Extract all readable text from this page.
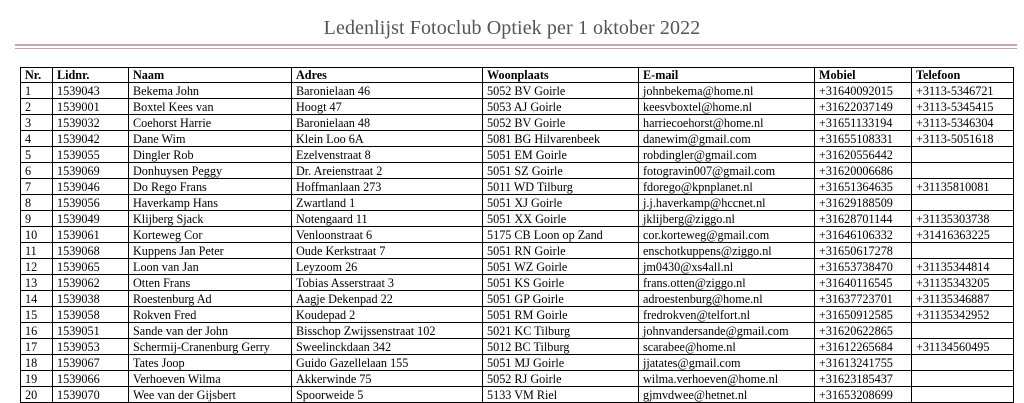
Ledenlijst Fotoclub Optiek per 1 oktober 2022
Nr.	Lidnr.	Naam	Adres	Woonplaats	E-mail	Mobiel	Telefoon
1	1539043	Bekema John	Baronielaan 46	5052 BV Goirle	johnbekema@home.nl	+31640092015	+3113-5346721
2	1539001	Boxtel Kees van	Hoogt 47	5053 AJ Goirle	keesvboxtel@home.nl	+31622037149	+3113-5345415
3	1539032	Coehorst Harrie	Baronielaan 48	5052 BV Goirle	harriecoehorst@home.nl	+31651133194	+3113-5346304
4	1539042	Dane Wim	Klein Loo 6A	5081 BG Hilvarenbeek	danewim@gmail.com	+31655108331	+3113-5051618
5	1539055	Dingler Rob	Ezelvenstraat 8	5051 EM Goirle	robdingler@gmail.com	+31620556442	
6	1539069	Donhuysen Peggy	Dr. Areienstraat 2	5051 SZ Goirle	fotogravin007@gmail.com	+31620006686	
7	1539046	Do Rego Frans	Hoffmanlaan 273	5011 WD Tilburg	fdorego@kpnplanet.nl	+31651364635	+31135810081
8	1539056	Haverkamp Hans	Zwartland 1	5051 XJ Goirle	j.j.haverkamp@hccnet.nl	+31629188509	
9	1539049	Klijberg Sjack	Notengaard 11	5051 XX Goirle	jklijberg@ziggo.nl	+31628701144	+31135303738
10	1539061	Korteweg Cor	Venloonstraat 6	5175 CB Loon op Zand	cor.korteweg@gmail.com	+31646106332	+31416363225
11	1539068	Kuppens Jan Peter	Oude Kerkstraat 7	5051 RN Goirle	enschotkuppens@ziggo.nl	+31650617278	
12	1539065	Loon van Jan	Leyzoom 26	5051 WZ Goirle	jm0430@xs4all.nl	+31653738470	+31135344814
13	1539062	Otten Frans	Tobias Asserstraat 3	5051 KS Goirle	frans.otten@ziggo.nl	+31640116545	+31135343205
14	1539038	Roestenburg Ad	Aagje Dekenpad 22	5051 GP Goirle	adroestenburg@home.nl	+31637723701	+31135346887
15	1539058	Rokven Fred	Koudepad 2	5051 RM Goirle	fredrokven@telfort.nl	+31650912585	+31135342952
16	1539051	Sande van der John	Bisschop Zwijssenstraat 102	5021 KC Tilburg	johnvandersande@gmail.com	+31620622865	
17	1539053	Schermij-Cranenburg Gerry	Sweelinckdaan 342	5012 BC Tilburg	scarabee@home.nl	+31612265684	+31134560495
18	1539067	Tates Joop	Guido Gazellelaan 155	5051 MJ Goirle	jjatates@gmail.com	+31613241755	
19	1539066	Verhoeven Wilma	Akkerwinde 75	5052 RJ Goirle	wilma.verhoeven@home.nl	+31623185437	
20	1539070	Wee van der Gijsbert	Spoorweide 5	5133 VM Riel	gjmvdwee@hetnet.nl	+31653208699	
